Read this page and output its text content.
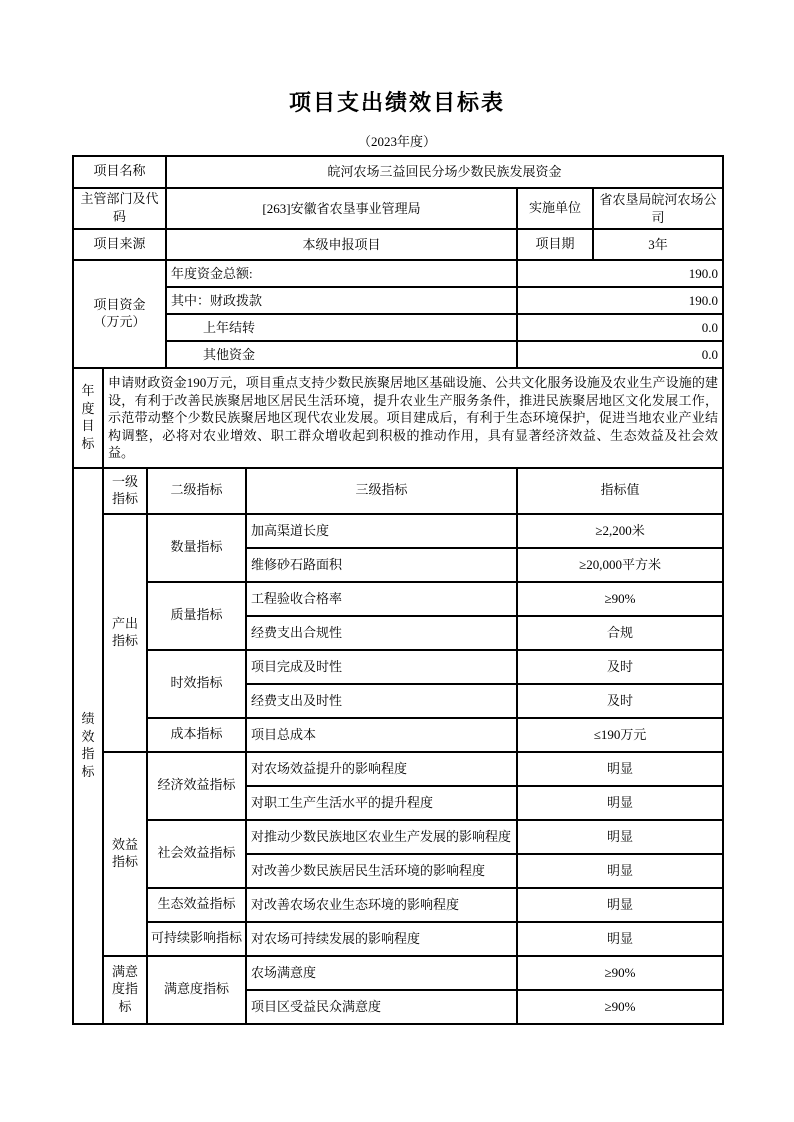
项目支出绩效目标表
（2023年度）
项目名称			皖河农场三益回民分场少数民族发展资金			
主管部门及代码			[263]安徽省农垦事业管理局		实施单位	省农垦局皖河农场公司
项目来源			本级申报项目		项目期	3年

项目资金
（万元）			年度资金总额:		190.0	
			其中：财政拨款		190.0	
			上年结转		0.0	
			其他资金		0.0	
年度目标	申请财政资金190万元，项目重点支持少数民族聚居地区基础设施、公共文化服务设施及农业生产设施的建设，有利于改善民族聚居地区居民生活环境，提升农业生产服务条件，推进民族聚居地区文化发展工作，示范带动整个少数民族聚居地区现代农业发展。项目建成后，有利于生态环境保护，促进当地农业产业结构调整，必将对农业增效、职工群众增收起到积极的推动作用，具有显著经济效益、生态效益及社会效益。					
绩效指标	一级指标	二级指标		三级指标	指标值	
	产出指标	数量指标		加高渠道长度	≥2,200米	
				维修砂石路面积	≥20,000平方米	
		质量指标		工程验收合格率	≥90%	
				经费支出合规性	合规	
		时效指标		项目完成及时性	及时	
				经费支出及时性	及时	
		成本指标		项目总成本	≤190万元	
	效益指标	经济效益指标		对农场效益提升的影响程度	明显	
				对职工生产生活水平的提升程度	明显	
		社会效益指标		对推动少数民族地区农业生产发展的影响程度	明显	
				对改善少数民族居民生活环境的影响程度	明显	
		生态效益指标		对改善农场农业生态环境的影响程度	明显	
		可持续影响指标		对农场可持续发展的影响程度	明显	
	满意度指标	满意度指标		农场满意度	≥90%	
				项目区受益民众满意度	≥90%	
